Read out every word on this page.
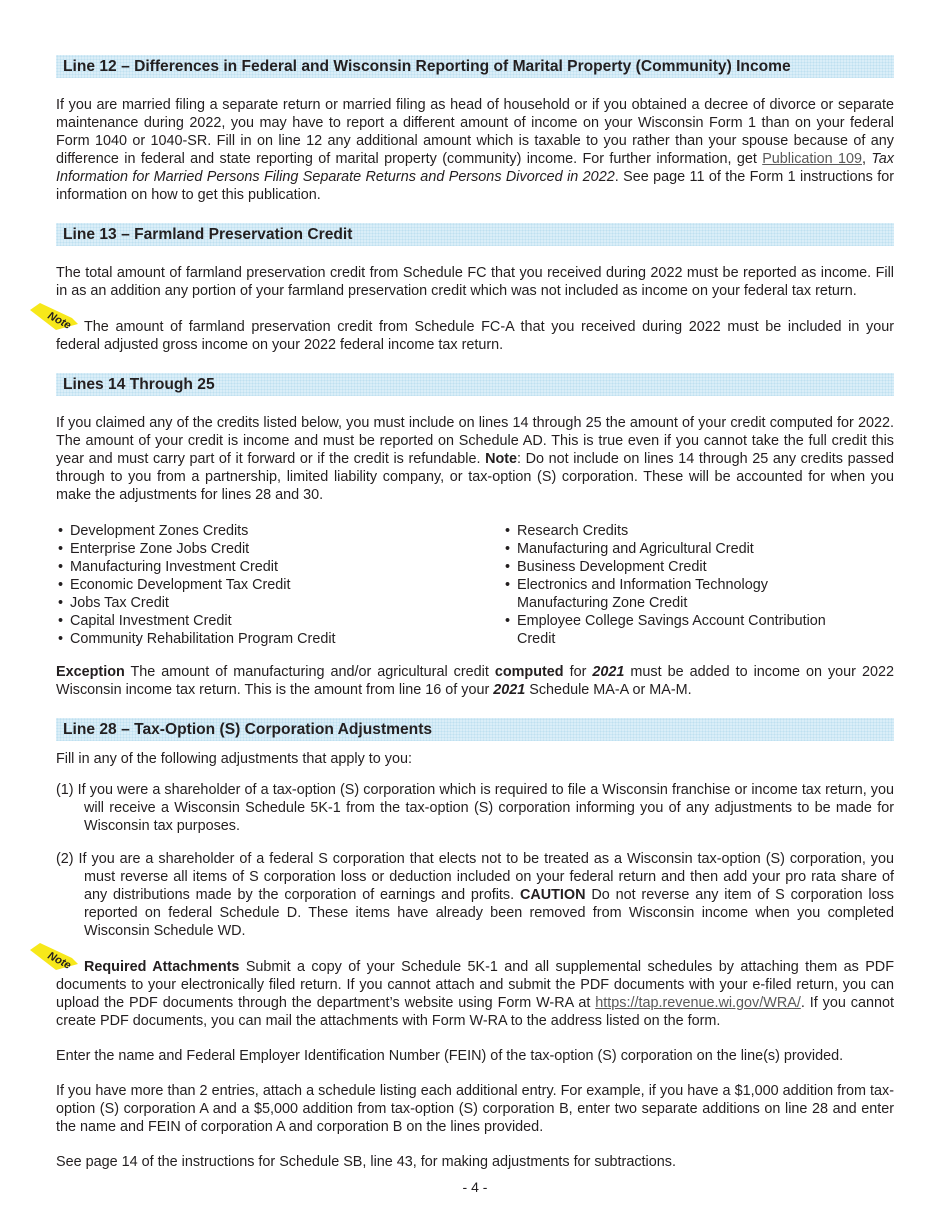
Line 12 – Differences in Federal and Wisconsin Reporting of Marital Property (Community) Income

If you are married filing a separate return or married filing as head of household or if you obtained a decree of divorce or separate maintenance during 2022, you may have to report a different amount of income on your Wisconsin Form 1 than on your federal Form 1040 or 1040-SR. Fill in on line 12 any additional amount which is taxable to you rather than your spouse because of any difference in federal and state reporting of marital property (community) income. For further information, get Publication 109, Tax Information for Married Persons Filing Separate Returns and Persons Divorced in 2022. See page 11 of the Form 1 instructions for information on how to get this publication.

Line 13 – Farmland Preservation Credit

The total amount of farmland preservation credit from Schedule FC that you received during 2022 must be reported as income. Fill in as an addition any portion of your farmland preservation credit which was not included as income on your federal tax return.

Note The amount of farmland preservation credit from Schedule FC-A that you received during 2022 must be included in your federal adjusted gross income on your 2022 federal income tax return.

Lines 14 Through 25

If you claimed any of the credits listed below, you must include on lines 14 through 25 the amount of your credit computed for 2022. The amount of your credit is income and must be reported on Schedule AD. This is true even if you cannot take the full credit this year and must carry part of it forward or if the credit is refundable. Note: Do not include on lines 14 through 25 any credits passed through to you from a partnership, limited liability company, or tax-option (S) corporation. These will be accounted for when you make the adjustments for lines 28 and 30.

• Development Zones Credits
• Enterprise Zone Jobs Credit
• Manufacturing Investment Credit
• Economic Development Tax Credit
• Jobs Tax Credit
• Capital Investment Credit
• Community Rehabilitation Program Credit
• Research Credits
• Manufacturing and Agricultural Credit
• Business Development Credit
• Electronics and Information Technology Manufacturing Zone Credit
• Employee College Savings Account Contribution Credit

Exception The amount of manufacturing and/or agricultural credit computed for 2021 must be added to income on your 2022 Wisconsin income tax return. This is the amount from line 16 of your 2021 Schedule MA-A or MA-M.

Line 28 – Tax-Option (S) Corporation Adjustments

Fill in any of the following adjustments that apply to you:

(1) If you were a shareholder of a tax-option (S) corporation which is required to file a Wisconsin franchise or income tax return, you will receive a Wisconsin Schedule 5K-1 from the tax-option (S) corporation informing you of any adjustments to be made for Wisconsin tax purposes.

(2) If you are a shareholder of a federal S corporation that elects not to be treated as a Wisconsin tax-option (S) corporation, you must reverse all items of S corporation loss or deduction included on your federal return and then add your pro rata share of any distributions made by the corporation of earnings and profits. CAUTION Do not reverse any item of S corporation loss reported on federal Schedule D. These items have already been removed from Wisconsin income when you completed Wisconsin Schedule WD.

Note Required Attachments Submit a copy of your Schedule 5K-1 and all supplemental schedules by attaching them as PDF documents to your electronically filed return. If you cannot attach and submit the PDF documents with your e-filed return, you can upload the PDF documents through the department’s website using Form W-RA at https://tap.revenue.wi.gov/WRA/. If you cannot create PDF documents, you can mail the attachments with Form W-RA to the address listed on the form.

Enter the name and Federal Employer Identification Number (FEIN) of the tax-option (S) corporation on the line(s) provided.

If you have more than 2 entries, attach a schedule listing each additional entry. For example, if you have a $1,000 addition from tax-option (S) corporation A and a $5,000 addition from tax-option (S) corporation B, enter two separate additions on line 28 and enter the name and FEIN of corporation A and corporation B on the lines provided.

See page 14 of the instructions for Schedule SB, line 43, for making adjustments for subtractions.

- 4 -
